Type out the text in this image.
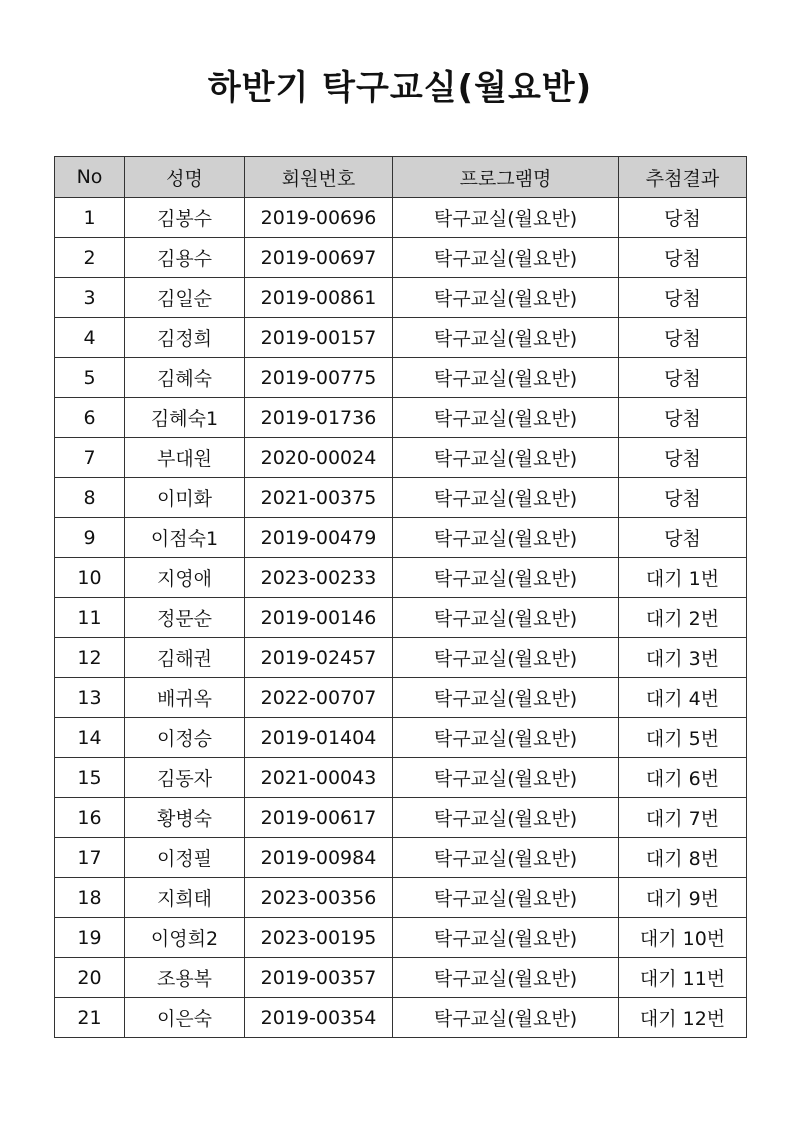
하반기 탁구교실(월요반)
No	성명	회원번호	프로그램명	추첨결과
1	김봉수	2019-00696	탁구교실(월요반)	당첨
2	김용수	2019-00697	탁구교실(월요반)	당첨
3	김일순	2019-00861	탁구교실(월요반)	당첨
4	김정희	2019-00157	탁구교실(월요반)	당첨
5	김혜숙	2019-00775	탁구교실(월요반)	당첨
6	김혜숙1	2019-01736	탁구교실(월요반)	당첨
7	부대원	2020-00024	탁구교실(월요반)	당첨
8	이미화	2021-00375	탁구교실(월요반)	당첨
9	이점숙1	2019-00479	탁구교실(월요반)	당첨
10	지영애	2023-00233	탁구교실(월요반)	대기 1번
11	정문순	2019-00146	탁구교실(월요반)	대기 2번
12	김해권	2019-02457	탁구교실(월요반)	대기 3번
13	배귀옥	2022-00707	탁구교실(월요반)	대기 4번
14	이정승	2019-01404	탁구교실(월요반)	대기 5번
15	김동자	2021-00043	탁구교실(월요반)	대기 6번
16	황병숙	2019-00617	탁구교실(월요반)	대기 7번
17	이정필	2019-00984	탁구교실(월요반)	대기 8번
18	지희태	2023-00356	탁구교실(월요반)	대기 9번
19	이영희2	2023-00195	탁구교실(월요반)	대기 10번
20	조용복	2019-00357	탁구교실(월요반)	대기 11번
21	이은숙	2019-00354	탁구교실(월요반)	대기 12번
